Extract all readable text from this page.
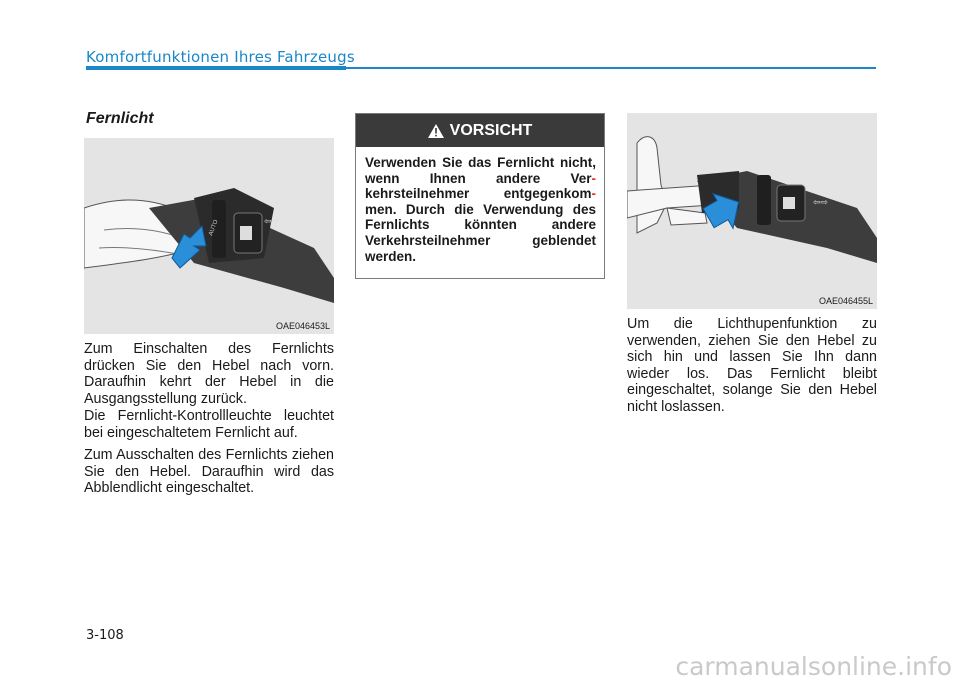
Komfortfunktionen Ihres Fahrzeugs
Fernlicht
AUTO	⇦⇨
OAE046453L

Zum Einschalten des Fernlichts drücken Sie den Hebel nach vorn. Daraufhin kehrt der Hebel in die Ausgangsstellung zurück.

Die Fernlicht-Kontrollleuchte leuchtet bei eingeschaltetem Fernlicht auf.

Zum Ausschalten des Fernlichts ziehen Sie den Hebel. Daraufhin wird das Abblendlicht eingeschaltet.

VORSICHT

Verwenden Sie das Fernlicht nicht, wenn Ihnen andere Ver- kehrsteilnehmer entgegenkom- men. Durch die Verwendung des Fernlichts könnten andere Verkehrsteilnehmer geblendet werden.

⇦⇨
OAE046455L

Um die Lichthupenfunktion zu verwenden, ziehen Sie den Hebel zu sich hin und lassen Sie Ihn dann wieder los. Das Fernlicht bleibt eingeschaltet, solange Sie den Hebel nicht loslassen.

3-108
carmanualsonline.info
